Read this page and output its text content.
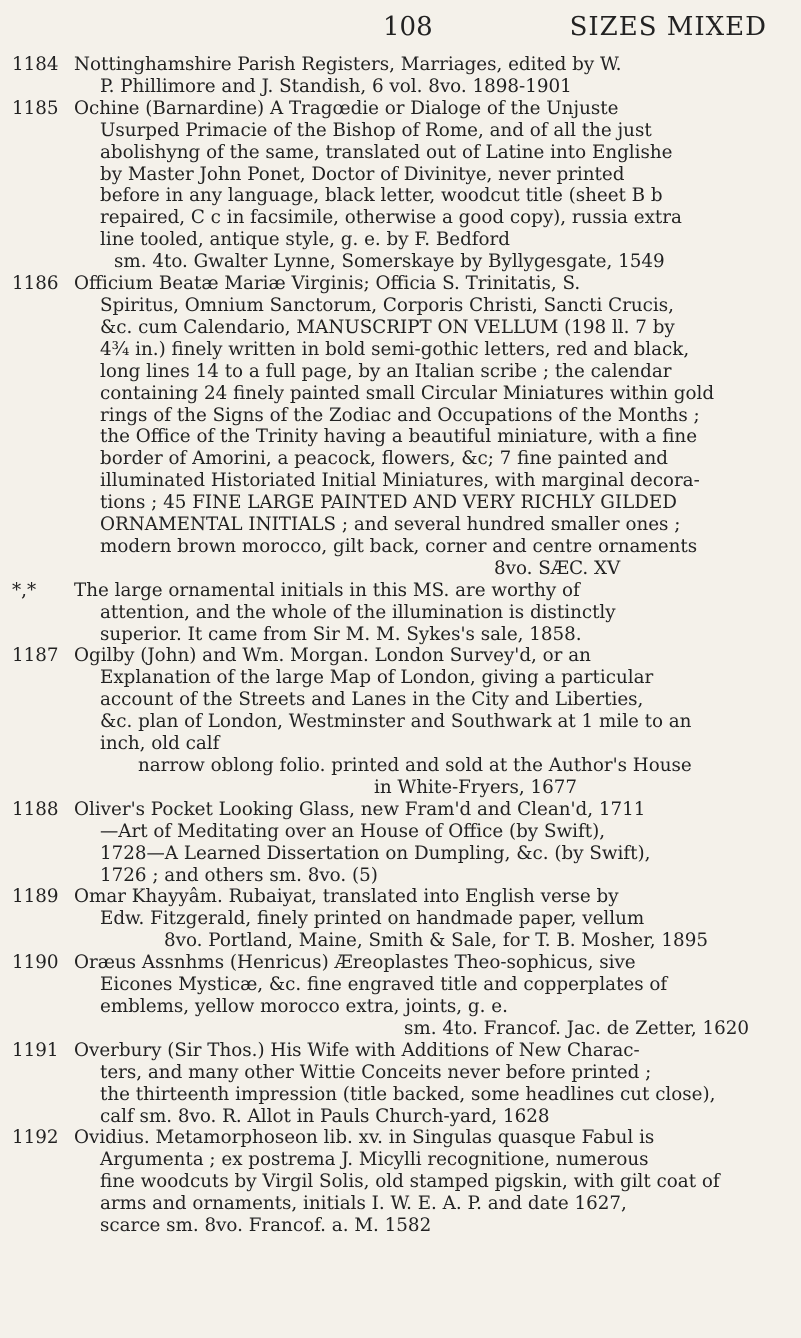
108	SIZES MIXED
1184 Nottinghamshire Parish Registers, Marriages, edited by W.
P. Phillimore and J. Standish, 6 vol. 8vo. 1898-1901
1185 Ochine (Barnardine) A Tragœdie or Dialoge of the Unjuste
Usurped Primacie of the Bishop of Rome, and of all the just
abolishyng of the same, translated out of Latine into Englishe
by Master John Ponet, Doctor of Divinitye, never printed
before in any language, black letter, woodcut title (sheet B b
repaired, C c in facsimile, otherwise a good copy), russia extra
line tooled, antique style, g. e. by F. Bedford
sm. 4to. Gwalter Lynne, Somerskaye by Byllygesgate, 1549
1186 Officium Beatæ Mariæ Virginis; Officia S. Trinitatis, S.
Spiritus, Omnium Sanctorum, Corporis Christi, Sancti Crucis,
&c. cum Calendario, MANUSCRIPT ON VELLUM (198 ll. 7 by
4¾ in.) finely written in bold semi-gothic letters, red and black,
long lines 14 to a full page, by an Italian scribe ; the calendar
containing 24 finely painted small Circular Miniatures within gold
rings of the Signs of the Zodiac and Occupations of the Months ;
the Office of the Trinity having a beautiful miniature, with a fine
border of Amorini, a peacock, flowers, &c; 7 fine painted and
illuminated Historiated Initial Miniatures, with marginal decora-
tions ; 45 FINE LARGE PAINTED AND VERY RICHLY GILDED
ORNAMENTAL INITIALS ; and several hundred smaller ones ;
modern brown morocco, gilt back, corner and centre ornaments
8vo. SÆC. XV
*,*	The large ornamental initials in this MS. are worthy of
attention, and the whole of the illumination is distinctly
superior. It came from Sir M. M. Sykes's sale, 1858.
1187 Ogilby (John) and Wm. Morgan. London Survey'd, or an
Explanation of the large Map of London, giving a particular
account of the Streets and Lanes in the City and Liberties,
&c. plan of London, Westminster and Southwark at 1 mile to an
inch, old calf
narrow oblong folio. printed and sold at the Author's House
in White-Fryers, 1677
1188 Oliver's Pocket Looking Glass, new Fram'd and Clean'd, 1711
—Art of Meditating over an House of Office (by Swift),
1728—A Learned Dissertation on Dumpling, &c. (by Swift),
1726 ; and others sm. 8vo. (5)
1189 Omar Khayyâm. Rubaiyat, translated into English verse by
Edw. Fitzgerald, finely printed on handmade paper, vellum
8vo. Portland, Maine, Smith & Sale, for T. B. Mosher, 1895
1190 Oræus Assnhms (Henricus) Æreoplastes Theo-sophicus, sive
Eicones Mysticæ, &c. fine engraved title and copperplates of
emblems, yellow morocco extra, joints, g. e.
sm. 4to. Francof. Jac. de Zetter, 1620
1191 Overbury (Sir Thos.) His Wife with Additions of New Charac-
ters, and many other Wittie Conceits never before printed ;
the thirteenth impression (title backed, some headlines cut close),
calf sm. 8vo. R. Allot in Pauls Church-yard, 1628
1192 Ovidius. Metamorphoseon lib. xv. in Singulas quasque Fabul is
Argumenta ; ex postrema J. Micylli recognitione, numerous
fine woodcuts by Virgil Solis, old stamped pigskin, with gilt coat of
arms and ornaments, initials I. W. E. A. P. and date 1627,
scarce sm. 8vo. Francof. a. M. 1582
